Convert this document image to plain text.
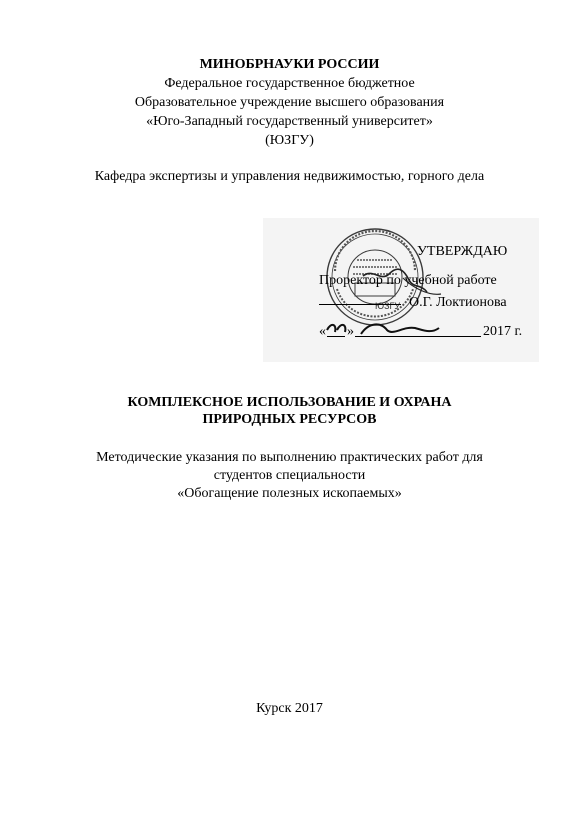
МИНОБРНАУКИ РОССИИ
Федеральное государственное бюджетное
Образовательное учреждение высшего образования
«Юго-Западный государственный университет»
(ЮЗГУ)
Кафедра экспертизы и управления недвижимостью, горного дела
ЮЗГУ
УТВЕРЖДАЮ
Проректор по учебной работе
О.Г. Локтионова
« »	2017 г.
КОМПЛЕКСНОЕ ИСПОЛЬЗОВАНИЕ И ОХРАНА
ПРИРОДНЫХ РЕСУРСОВ
Методические указания по выполнению практических работ для
студентов специальности
«Обогащение полезных ископаемых»
Курск 2017
